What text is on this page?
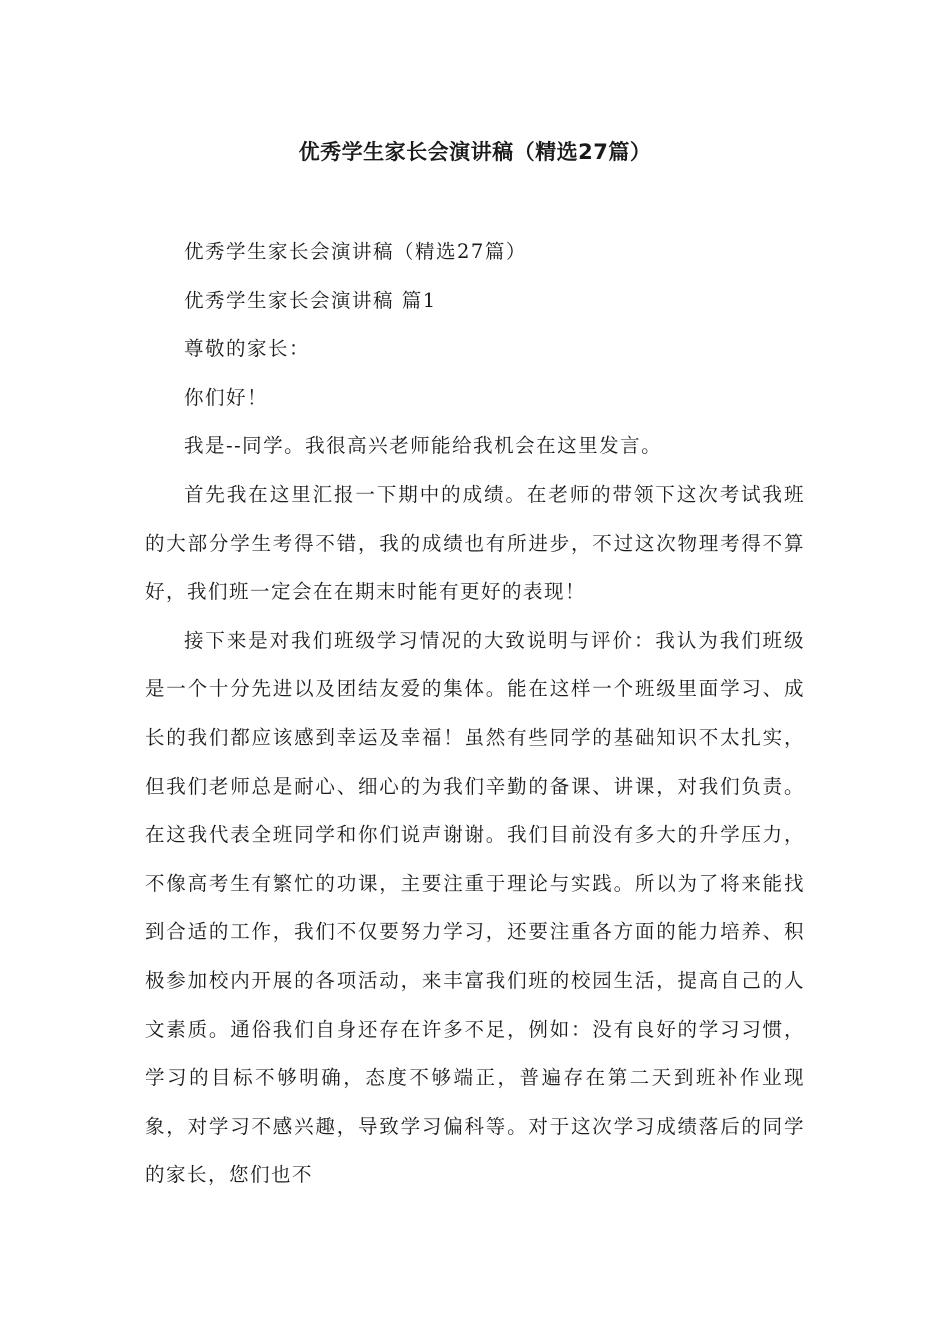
优秀学生家长会演讲稿（精选27篇）

优秀学生家长会演讲稿（精选27篇）

优秀学生家长会演讲稿 篇1

尊敬的家长：

你们好！

我是--同学。我很高兴老师能给我机会在这里发言。

首先我在这里汇报一下期中的成绩。在老师的带领下这次考试我班的大部分学生考得不错，我的成绩也有所进步，不过这次物理考得不算好，我们班一定会在在期末时能有更好的表现！

接下来是对我们班级学习情况的大致说明与评价：我认为我们班级是一个十分先进以及团结友爱的集体。能在这样一个班级里面学习、成长的我们都应该感到幸运及幸福！虽然有些同学的基础知识不太扎实，但我们老师总是耐心、细心的为我们辛勤的备课、讲课，对我们负责。在这我代表全班同学和你们说声谢谢。我们目前没有多大的升学压力，不像高考生有繁忙的功课，主要注重于理论与实践。所以为了将来能找到合适的工作，我们不仅要努力学习，还要注重各方面的能力培养、积极参加校内开展的各项活动，来丰富我们班的校园生活，提高自己的人文素质。通俗我们自身还存在许多不足，例如：没有良好的学习习惯，学习的目标不够明确，态度不够端正，普遍存在第二天到班补作业现象，对学习不感兴趣，导致学习偏科等。对于这次学习成绩落后的同学的家长，您们也不
